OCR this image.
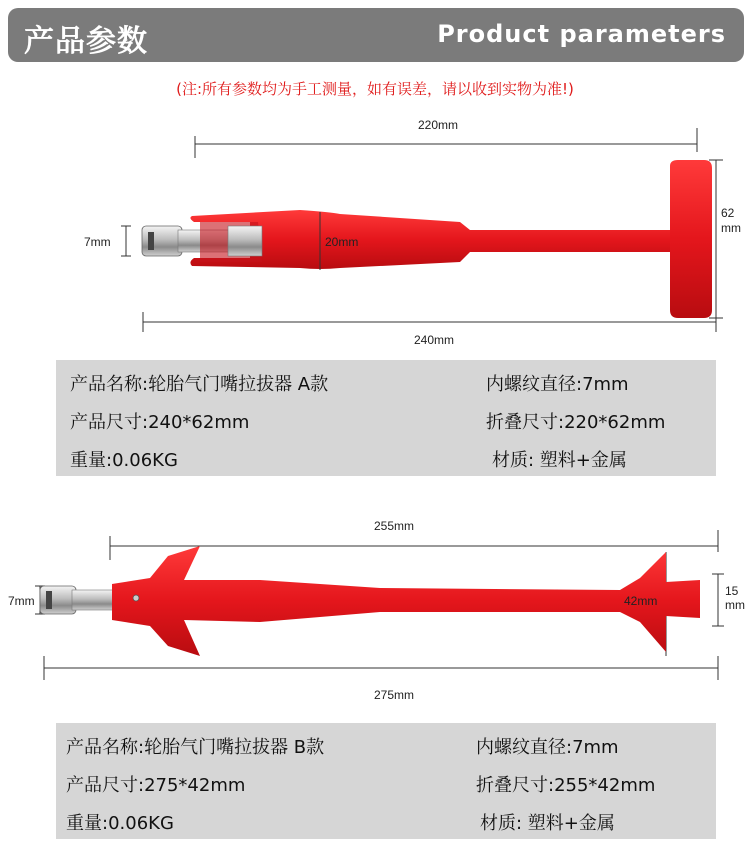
产品参数	Product parameters
(注:所有参数均为手工测量，如有误差，请以收到实物为准!)
220mm
240mm
62
mm
7mm	20mm
产品名称:轮胎气门嘴拉拔器 A款	内螺纹直径:7mm
产品尺寸:240*62mm	折叠尺寸:220*62mm
重量:0.06KG	材质: 塑料+金属
255mm
275mm
15
mm
7mm	42mm
产品名称:轮胎气门嘴拉拔器 B款	内螺纹直径:7mm
产品尺寸:275*42mm	折叠尺寸:255*42mm
重量:0.06KG	材质: 塑料+金属
